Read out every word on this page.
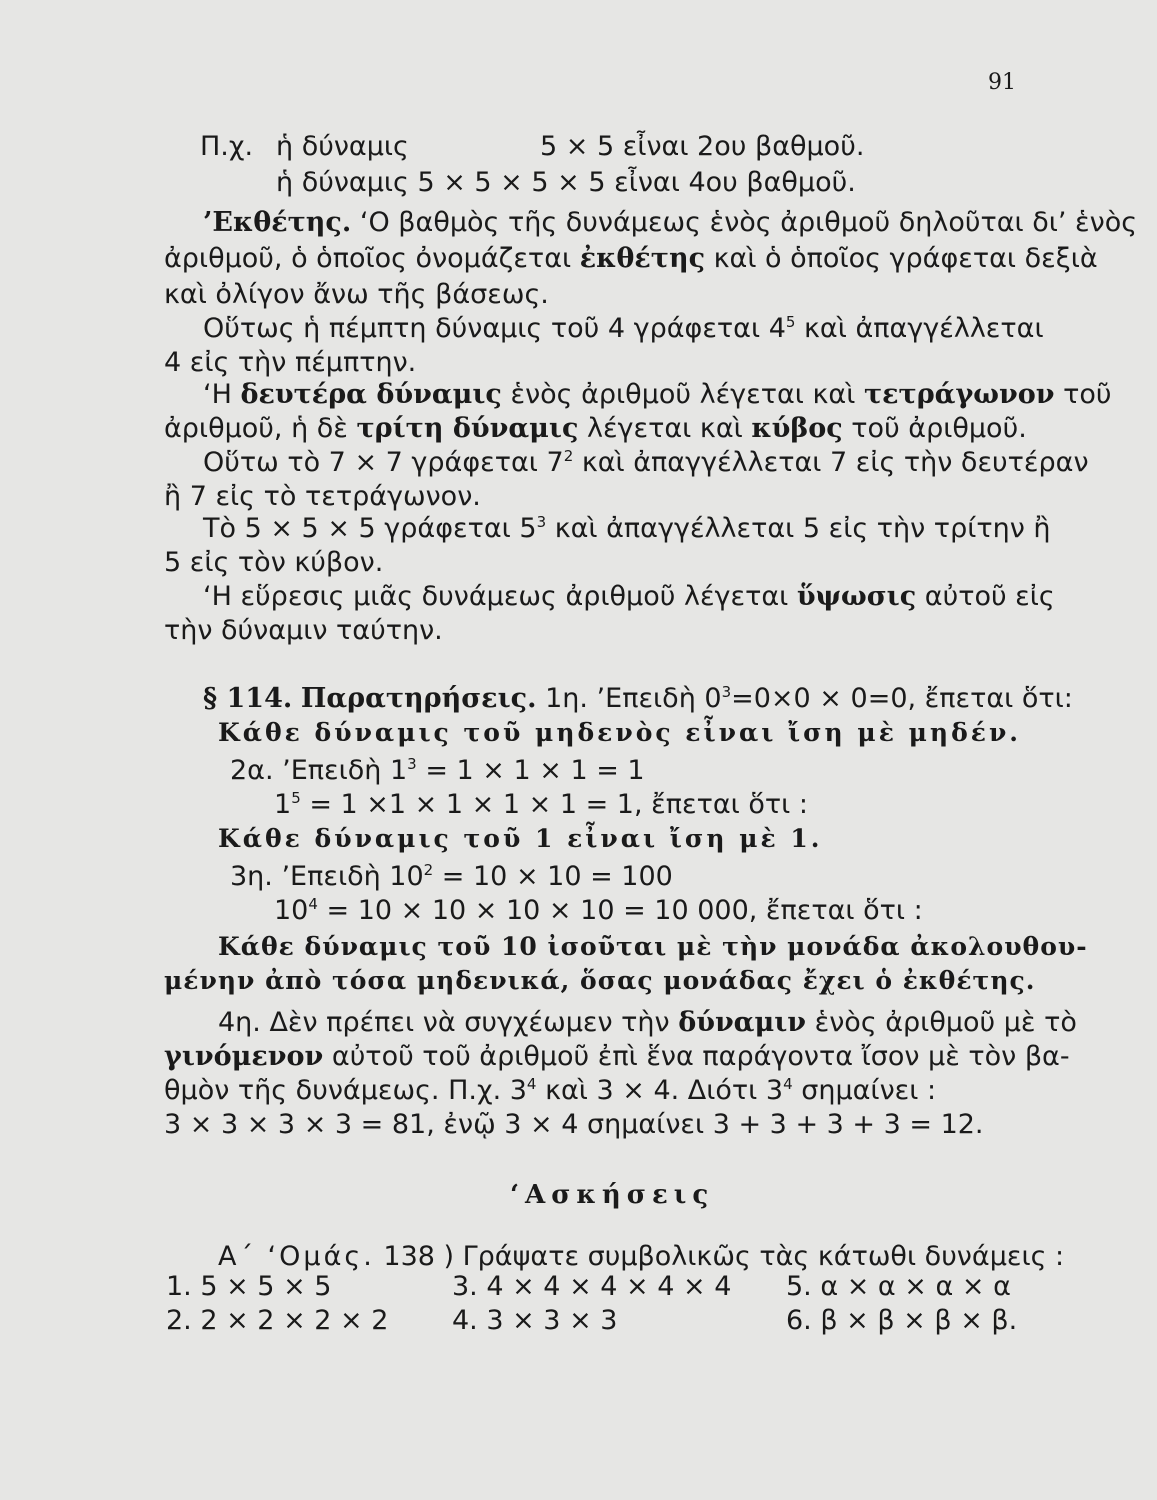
91
Π.χ. ἡ δύναμις	5 × 5 εἶναι 2ου βαθμοῦ.
ἡ δύναμις 5 × 5 × 5 × 5 εἶναι 4ου βαθμοῦ.
’Εκθέτης. ‘Ο βαθμὸς τῆς δυνάμεως ἑνὸς ἀριθμοῦ δηλοῦται δι’ ἑνὸς
ἀριθμοῦ, ὁ ὁποῖος ὀνομάζεται ἐκθέτης καὶ ὁ ὁποῖος γράφεται δεξιὰ
καὶ ὀλίγον ἄνω τῆς βάσεως.
Οὕτως ἡ πέμπτη δύναμις τοῦ 4 γράφεται $4^5$ καὶ ἀπαγγέλλεται
4 εἰς τὴν πέμπτην.
‘Η δευτέρα δύναμις ἑνὸς ἀριθμοῦ λέγεται καὶ τετράγωνον τοῦ
ἀριθμοῦ, ἡ δὲ τρίτη δύναμις λέγεται καὶ κύβος τοῦ ἀριθμοῦ.
Οὕτω τὸ 7 × 7 γράφεται $7^2$ καὶ ἀπαγγέλλεται 7 εἰς τὴν δευτέραν
ἢ 7 εἰς τὸ τετράγωνον.
Τὸ 5 × 5 × 5 γράφεται $5^3$ καὶ ἀπαγγέλλεται 5 εἰς τὴν τρίτην ἢ
5 εἰς τὸν κύβον.
‘Η εὕρεσις μιᾶς δυνάμεως ἀριθμοῦ λέγεται ὕψωσις αὐτοῦ εἰς
τὴν δύναμιν ταύτην.
§ 114. Παρατηρήσεις. 1η. ’Επειδὴ $0^3=0\times 0 \times 0=0$, ἔπεται ὅτι:
Κάθε δύναμις τοῦ μηδενὸς εἶναι ἴση μὲ μηδέν.
2α. ’Επειδὴ $1^3 = 1 \times 1 \times 1 = 1$
$1^5 = 1 \times 1 \times 1 \times 1 \times 1 = 1$, ἔπεται ὅτι :
Κάθε δύναμις τοῦ 1 εἶναι ἴση μὲ 1.
3η. ’Επειδὴ $10^2 = 10 \times 10 = 100$
$10^4 = 10 \times 10 \times 10 \times 10 = 10$ 000, ἔπεται ὅτι :
Κάθε δύναμις τοῦ 10 ἰσοῦται μὲ τὴν μονάδα ἀκολουθου-
μένην ἀπὸ τόσα μηδενικά, ὅσας μονάδας ἔχει ὁ ἐκθέτης.
4η. Δὲν πρέπει νὰ συγχέωμεν τὴν δύναμιν ἑνὸς ἀριθμοῦ μὲ τὸ
γινόμενον αὐτοῦ τοῦ ἀριθμοῦ ἐπὶ ἕνα παράγοντα ἴσον μὲ τὸν βα-
θμὸν τῆς δυνάμεως. Π.χ. $3^4$ καὶ 3 × 4. Διότι $3^4$ σημαίνει :
3 × 3 × 3 × 3 = 81, ἐνῷ 3 × 4 σημαίνει 3 + 3 + 3 + 3 = 12.
‘Ασκήσεις
Α΄ ‘Ομάς. 138 ) Γράψατε συμβολικῶς τὰς κάτωθι δυνάμεις :
1. 5 × 5 × 5	3. 4 × 4 × 4 × 4 × 4 5. α × α × α × α
2. 2 × 2 × 2 × 2 4. 3 × 3 × 3	6. β × β × β × β.
